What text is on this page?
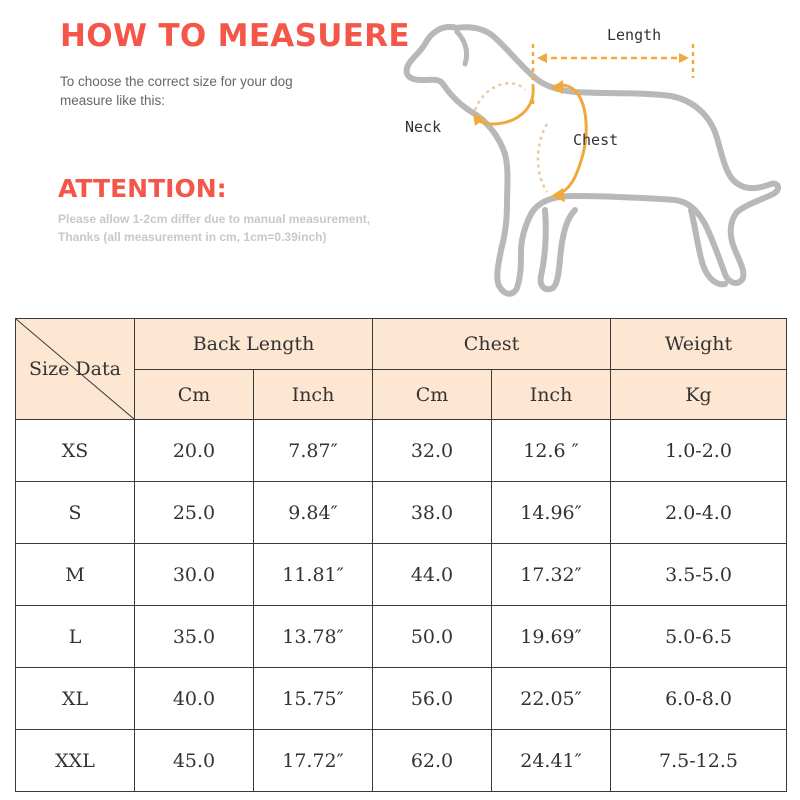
HOW TO MEASUERE
To choose the correct size for your dog
measure like this:
ATTENTION:
Please allow 1-2cm differ due to manual measurement,
Thanks (all measurement in cm, 1cm=0.39inch)
Length
Neck
Chest
Size Data	Back Length		Chest		Weight
	Cm	Inch	Cm	Inch	Kg
XS	20.0	7.87″	32.0	12.6 ″	1.0-2.0
S	25.0	9.84″	38.0	14.96″	2.0-4.0
M	30.0	11.81″	44.0	17.32″	3.5-5.0
L	35.0	13.78″	50.0	19.69″	5.0-6.5
XL	40.0	15.75″	56.0	22.05″	6.0-8.0
XXL	45.0	17.72″	62.0	24.41″	7.5-12.5
